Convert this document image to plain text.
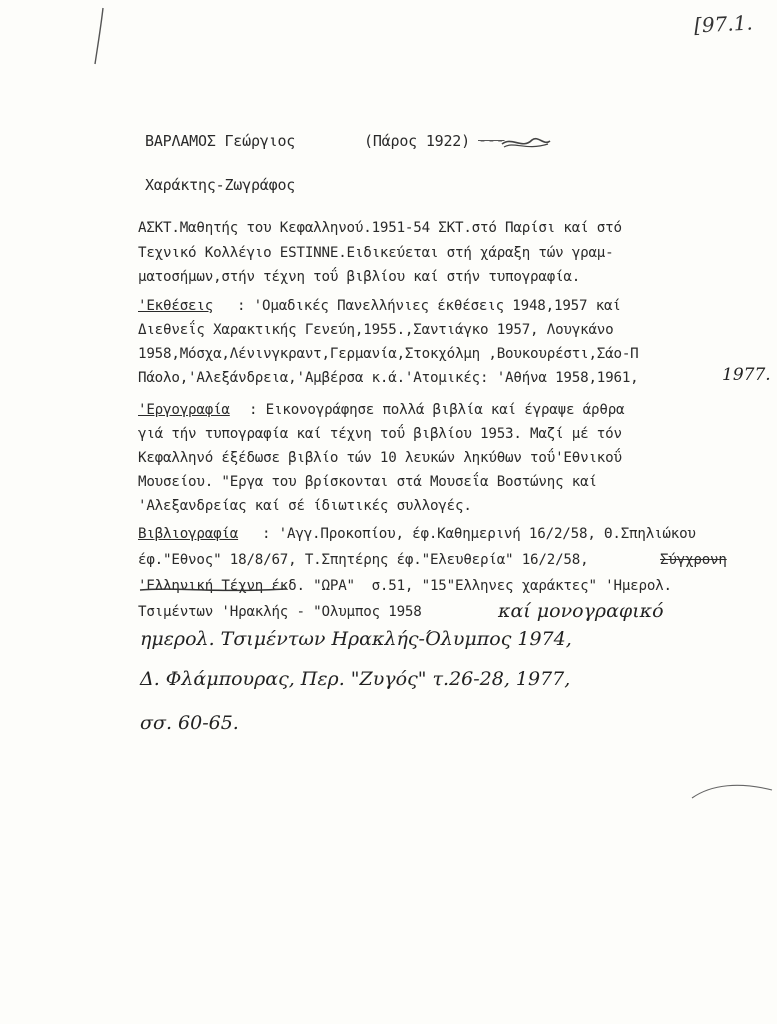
[97.1.
ΒΑΡΛΑΜΟΣ Γεώργιος	(Πάρος 1922) ---
Χαράκτης-Ζωγράφος
ΑΣΚΤ.Μαθητής του Κεφαλληνού.1951-54 ΣΚΤ.στό Παρίσι καί στό
Τεχνικό Κολλέγιο ESTINNE.Ειδικεύεται στή χάραξη τών γραμ-
ματοσήμων,στήν τέχνη τοΰ βιβλίου καί στήν τυπογραφία.
'Εκθέσεις : 'Ομαδικές Πανελλήνιες έκθέσεις 1948,1957 καί
Διεθνεΐς Χαρακτικής Γενεύη,1955.,Σαντιάγκο 1957, Λουγκάνο
1958,Μόσχα,Λένινγκραντ,Γερμανία,Στοκχόλμη ,Βουκουρέστι,Σάο-Π
Πάολο,'Αλεξάνδρεια,'Αμβέρσα κ.ά.'Ατομικές: 'Αθήνα 1958,1961,	1977.
'Εργογραφία : Εικονογράφησε πολλά βιβλία καί έγραψε άρθρα
γιά τήν τυπογραφία καί τέχνη τοΰ βιβλίου 1953. Μαζί μέ τόν
Κεφαλληνό έξέδωσε βιβλίο τών 10 λευκών ληκύθων τοΰ'Εθνικοΰ
Μουσείου. "Εργα του βρίσκονται στά Μουσεΐα Βοστώνης καί
'Αλεξανδρείας καί σέ ίδιωτικές συλλογές.
Βιβλιογραφία : 'Αγγ.Προκοπίου, έφ.Καθημερινή 16/2/58, Θ.Σπηλιώκου
έφ."Εθνος" 18/8/67, Τ.Σπητέρης έφ."Ελευθερία" 16/2/58,	Σύγχρονη
'Ελληνική Τέχνη έκδ. "ΩΡΑ"  σ.51, "15"Ελληνες χαράκτες" 'Ημερολ.
Τσιμέντων 'Ηρακλής - "Ολυμπος 1958	καί μονογραφικό
ημερολ. Τσιμέντων Ηρακλής-Όλυμπος 1974,
Δ. Φλάμπουρας, Περ. "Ζυγός" τ.26-28, 1977,
σσ. 60-65.
